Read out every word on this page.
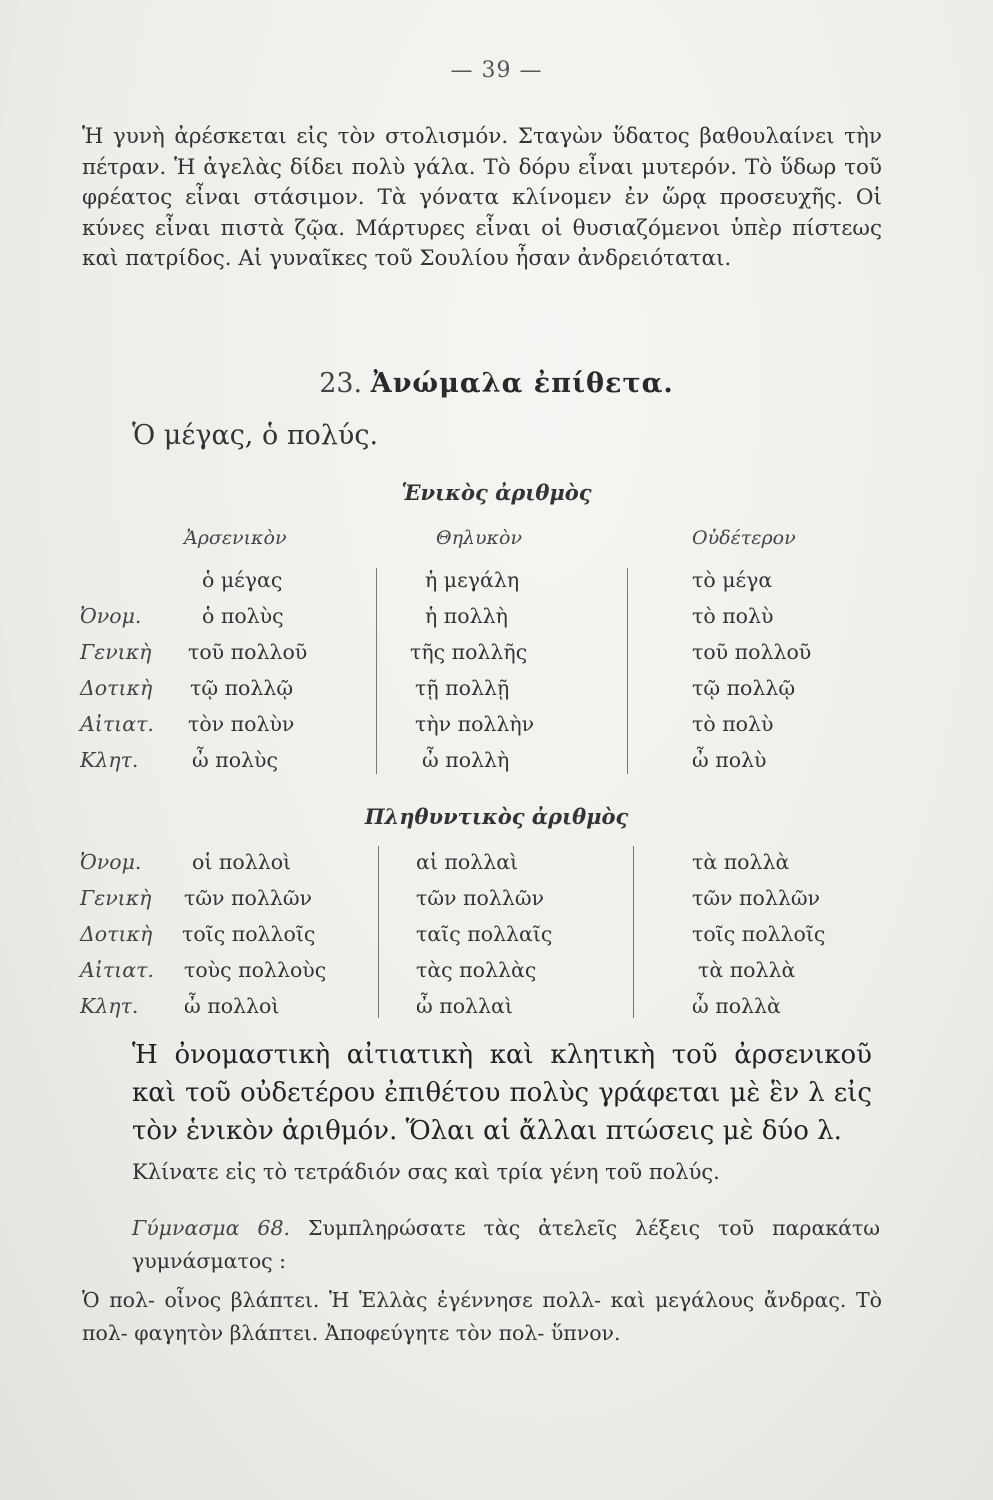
— 39 —
Ἡ γυνὴ ἀρέσκεται εἰς τὸν στολισμόν. Σταγὼν ὕδατος βαθουλαίνει τὴν πέτραν. Ἡ ἀγελὰς δίδει πολὺ γάλα. Τὸ δόρυ εἶναι μυτερόν. Τὸ ὕδωρ τοῦ φρέατος εἶναι στάσιμον. Τὰ γόνατα κλίνομεν ἐν ὥρᾳ προσευχῆς. Οἱ κύνες εἶναι πιστὰ ζῷα. Μάρτυρες εἶναι οἱ θυσιαζόμενοι ὑπὲρ πίστεως καὶ πατρίδος. Αἱ γυναῖκες τοῦ Σουλίου ἦσαν ἀνδρειόταται.
23. Ἀνώμαλα ἐπίθετα.
Ὁ μέγας, ὁ πολύς.
Ἑνικὸς ἀριθμὸς
Ἀρσενικὸν	Θηλυκὸν	Οὐδέτερον
ὁ μέγας	ἡ μεγάλη	τὸ μέγα
Ὀνομ.	ὁ πολὺς	ἡ πολλὴ	τὸ πολὺ
Γενικὴ τοῦ πολλοῦ	τῆς πολλῆς	τοῦ πολλοῦ
Δοτικὴ τῷ πολλῷ	τῇ πολλῇ	τῷ πολλῷ
Αἰτιατ. τὸν πολὺν	τὴν πολλὴν	τὸ πολὺ
Κλητ.	ὦ πολὺς	ὦ πολλὴ	ὦ πολὺ
Πληθυντικὸς ἀριθμὸς
Ὀνομ. οἱ πολλοὶ	αἱ πολλαὶ	τὰ πολλὰ
Γενικὴ τῶν πολλῶν	τῶν πολλῶν	τῶν πολλῶν
Δοτικὴ τοῖς πολλοῖς	ταῖς πολλαῖς	τοῖς πολλοῖς
Αἰτιατ. τοὺς πολλοὺς	τὰς πολλὰς	τὰ πολλὰ
Κλητ. ὦ πολλοὶ	ὦ πολλαὶ	ὦ πολλὰ
Ἡ ὀνομαστικὴ αἰτιατικὴ καὶ κλητικὴ τοῦ ἀρσενικοῦ καὶ τοῦ οὐδετέρου ἐπιθέτου πολὺς γράφεται μὲ ἓν λ εἰς τὸν ἑνικὸν ἀριθμόν. Ὅλαι αἱ ἄλλαι πτώσεις μὲ δύο λ.
Κλίνατε εἰς τὸ τετράδιόν σας καὶ τρία γένη τοῦ πολύς.
Γύμνασμα 68. Συμπληρώσατε τὰς ἀτελεῖς λέξεις τοῦ παρακάτω γυμνάσματος :
Ὁ πολ- οἶνος βλάπτει. Ἡ Ἑλλὰς ἐγέννησε πολλ- καὶ μεγάλους ἄνδρας. Τὸ πολ- φαγητὸν βλάπτει. Ἀποφεύγητε τὸν πολ- ὕπνον.
